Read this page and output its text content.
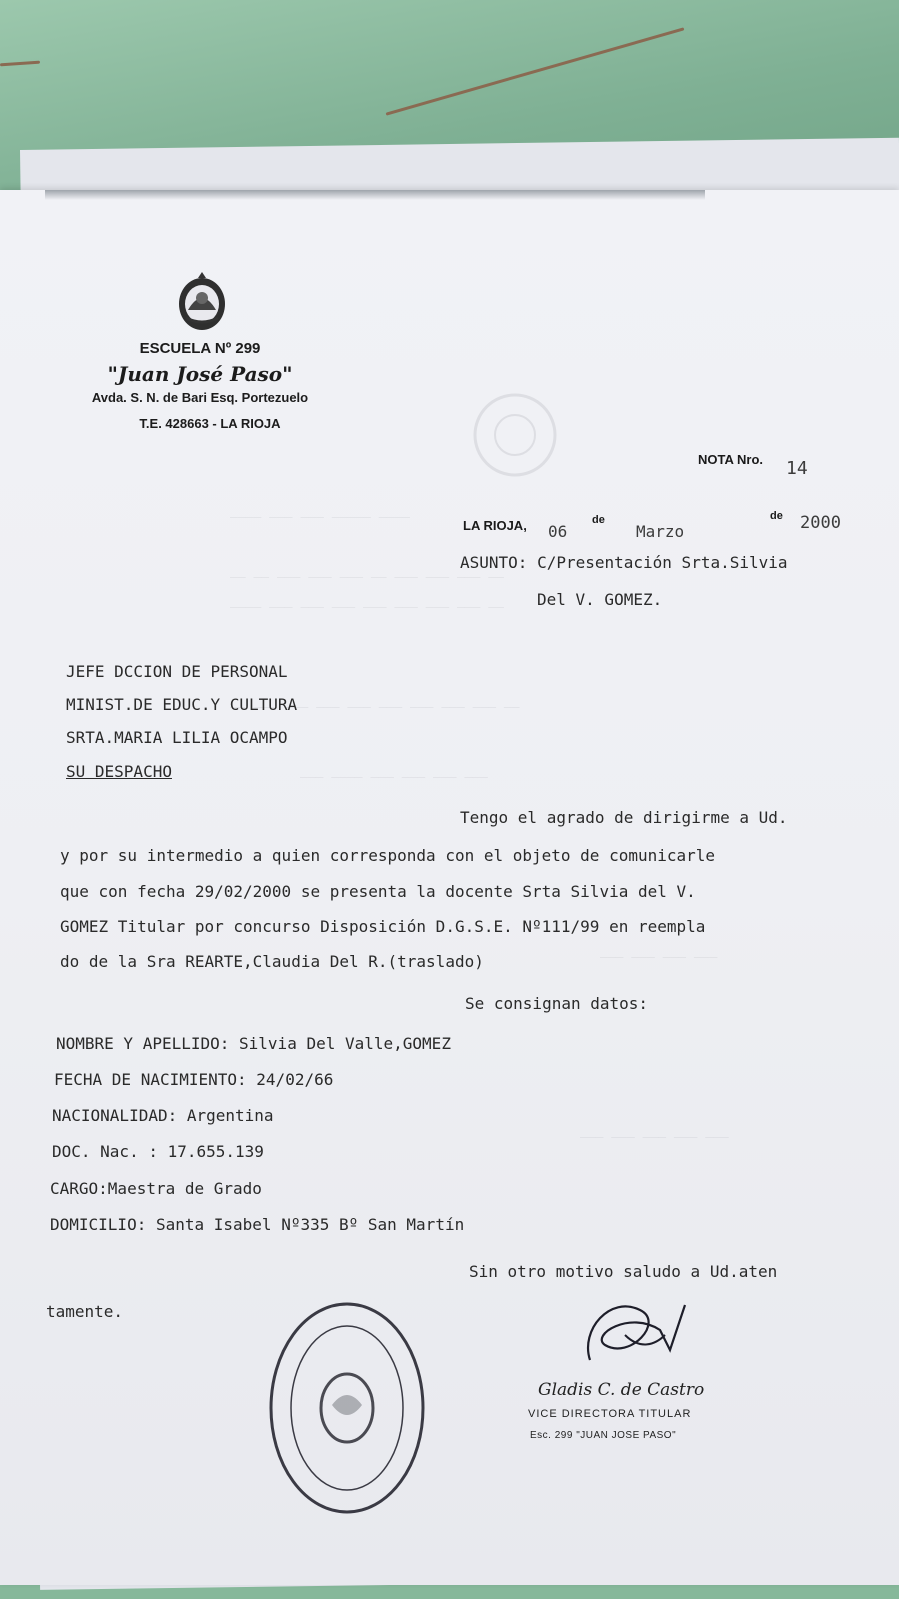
———— ——— ——— ————— ————
—— —— ——— ——— ——— —— ——— ——— ——— ——
———— ——— ——— ——— ——— ——— ——— ——— ——
—— ——— ——— ——— ——— ——— ——— ——— ——— ——
——— ———— ——— ——— ——— ———
——— ——— ——— ———
——— ——— ——— ——— ———
ESCUELA Nº 299
"Juan José Paso"
Avda. S. N. de Bari Esq. Portezuelo
T.E. 428663 - LA RIOJA
NOTA Nro. 14
LA RIOJA, 06
de
Marzo
de 2000
ASUNTO: C/Presentación Srta.Silvia
Del V. GOMEZ.
JEFE DCCION DE PERSONAL
MINIST.DE EDUC.Y CULTURA
SRTA.MARIA LILIA OCAMPO
SU DESPACHO
Tengo el agrado de dirigirme a Ud.
y por su intermedio a quien corresponda con el objeto de comunicarle
que con fecha 29/02/2000 se presenta la docente Srta Silvia del V.
GOMEZ Titular por concurso Disposición D.G.S.E. Nº111/99 en reempla
do de la Sra REARTE,Claudia Del R.(traslado)
Se consignan datos:
NOMBRE Y APELLIDO: Silvia Del Valle,GOMEZ
FECHA DE NACIMIENTO: 24/02/66
NACIONALIDAD: Argentina
DOC. Nac. : 17.655.139
CARGO:Maestra de Grado
DOMICILIO: Santa Isabel Nº335 Bº San Martín
Sin otro motivo saludo a Ud.aten
tamente.
Gladis C. de Castro
VICE DIRECTORA TITULAR
Esc. 299 "JUAN JOSE PASO"
